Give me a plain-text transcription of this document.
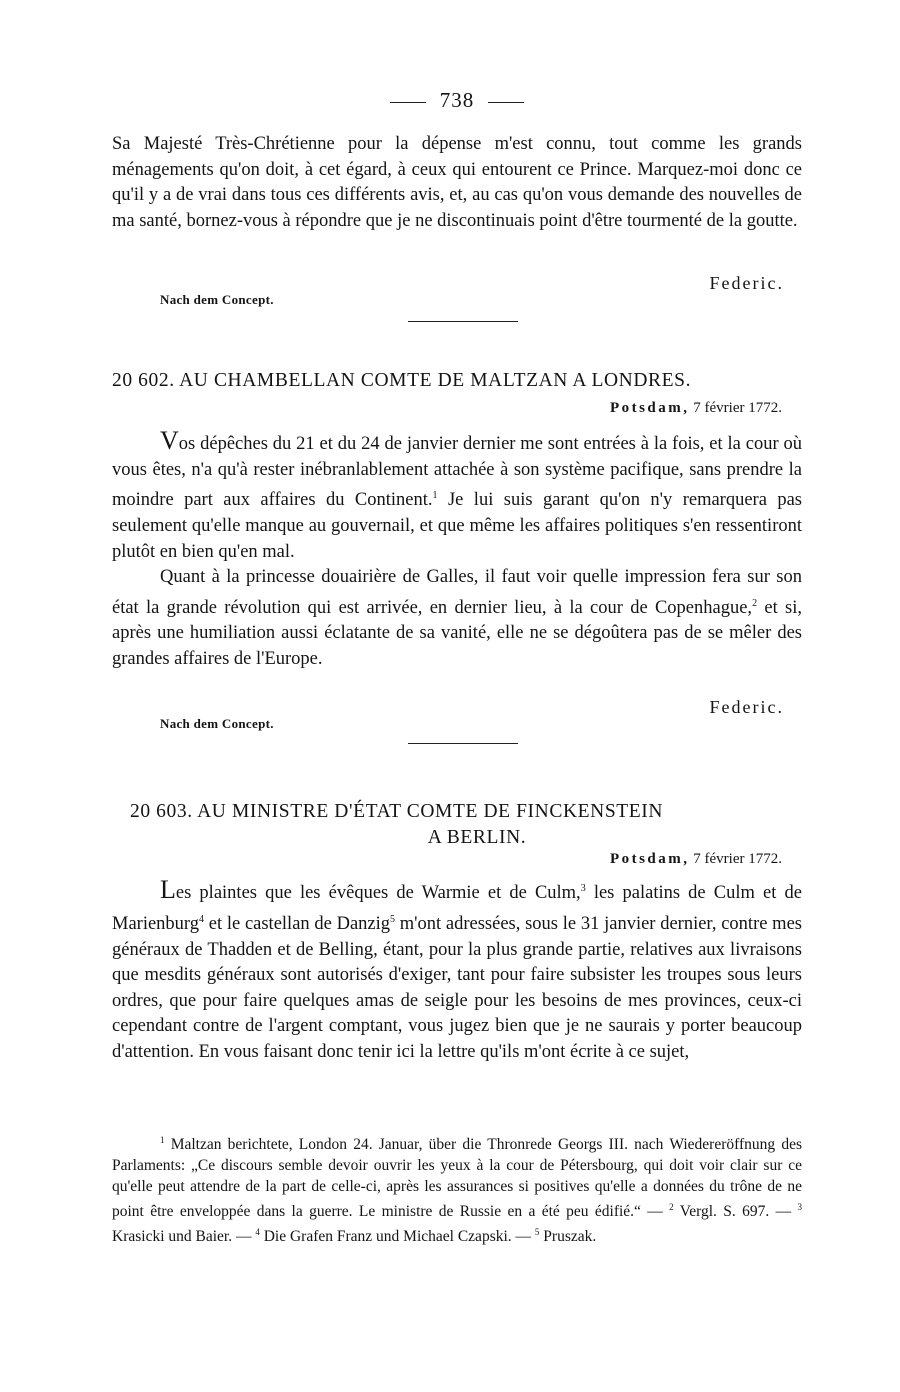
738

Sa Majesté Très-Chrétienne pour la dépense m'est connu, tout comme les grands ménagements qu'on doit, à cet égard, à ceux qui entourent ce Prince. Marquez-moi donc ce qu'il y a de vrai dans tous ces différents avis, et, au cas qu'on vous demande des nouvelles de ma santé, bornez-vous à répondre que je ne discontinuais point d'être tourmenté de la goutte.

Federic.
Nach dem Concept.
20 602. AU CHAMBELLAN COMTE DE MALTZAN A LONDRES.
Potsdam, 7 février 1772.

Vos dépêches du 21 et du 24 de janvier dernier me sont entrées à la fois, et la cour où vous êtes, n'a qu'à rester inébranlablement attachée à son système pacifique, sans prendre la moindre part aux affaires du Continent.$^1$ Je lui suis garant qu'on n'y remarquera pas seulement qu'elle manque au gouvernail, et que même les affaires politiques s'en ressentiront plutôt en bien qu'en mal.

Quant à la princesse douairière de Galles, il faut voir quelle impression fera sur son état la grande révolution qui est arrivée, en dernier lieu, à la cour de Copenhague,$^2$ et si, après une humiliation aussi éclatante de sa vanité, elle ne se dégoûtera pas de se mêler des grandes affaires de l'Europe.

Federic.
Nach dem Concept.
20 603. AU MINISTRE D'ÉTAT COMTE DE FINCKENSTEIN
A BERLIN.
Potsdam, 7 février 1772.

Les plaintes que les évêques de Warmie et de Culm,$^3$ les palatins de Culm et de Marienburg$^4$ et le castellan de Danzig$^5$ m'ont adressées, sous le 31 janvier dernier, contre mes généraux de Thadden et de Belling, étant, pour la plus grande partie, relatives aux livraisons que mesdits généraux sont autorisés d'exiger, tant pour faire subsister les troupes sous leurs ordres, que pour faire quelques amas de seigle pour les besoins de mes provinces, ceux-ci cependant contre de l'argent comptant, vous jugez bien que je ne saurais y porter beaucoup d'attention. En vous faisant donc tenir ici la lettre qu'ils m'ont écrite à ce sujet,

$^1$ Maltzan berichtete, London 24. Januar, über die Thronrede Georgs III. nach Wiedereröffnung des Parlaments: „Ce discours semble devoir ouvrir les yeux à la cour de Pétersbourg, qui doit voir clair sur ce qu'elle peut attendre de la part de celle-ci, après les assurances si positives qu'elle a données du trône de ne point être enveloppée dans la guerre. Le ministre de Russie en a été peu édifié.“ — $^2$ Vergl. S. 697. — $^3$ Krasicki und Baier. — $^4$ Die Grafen Franz und Michael Czapski. — $^5$ Pruszak.
